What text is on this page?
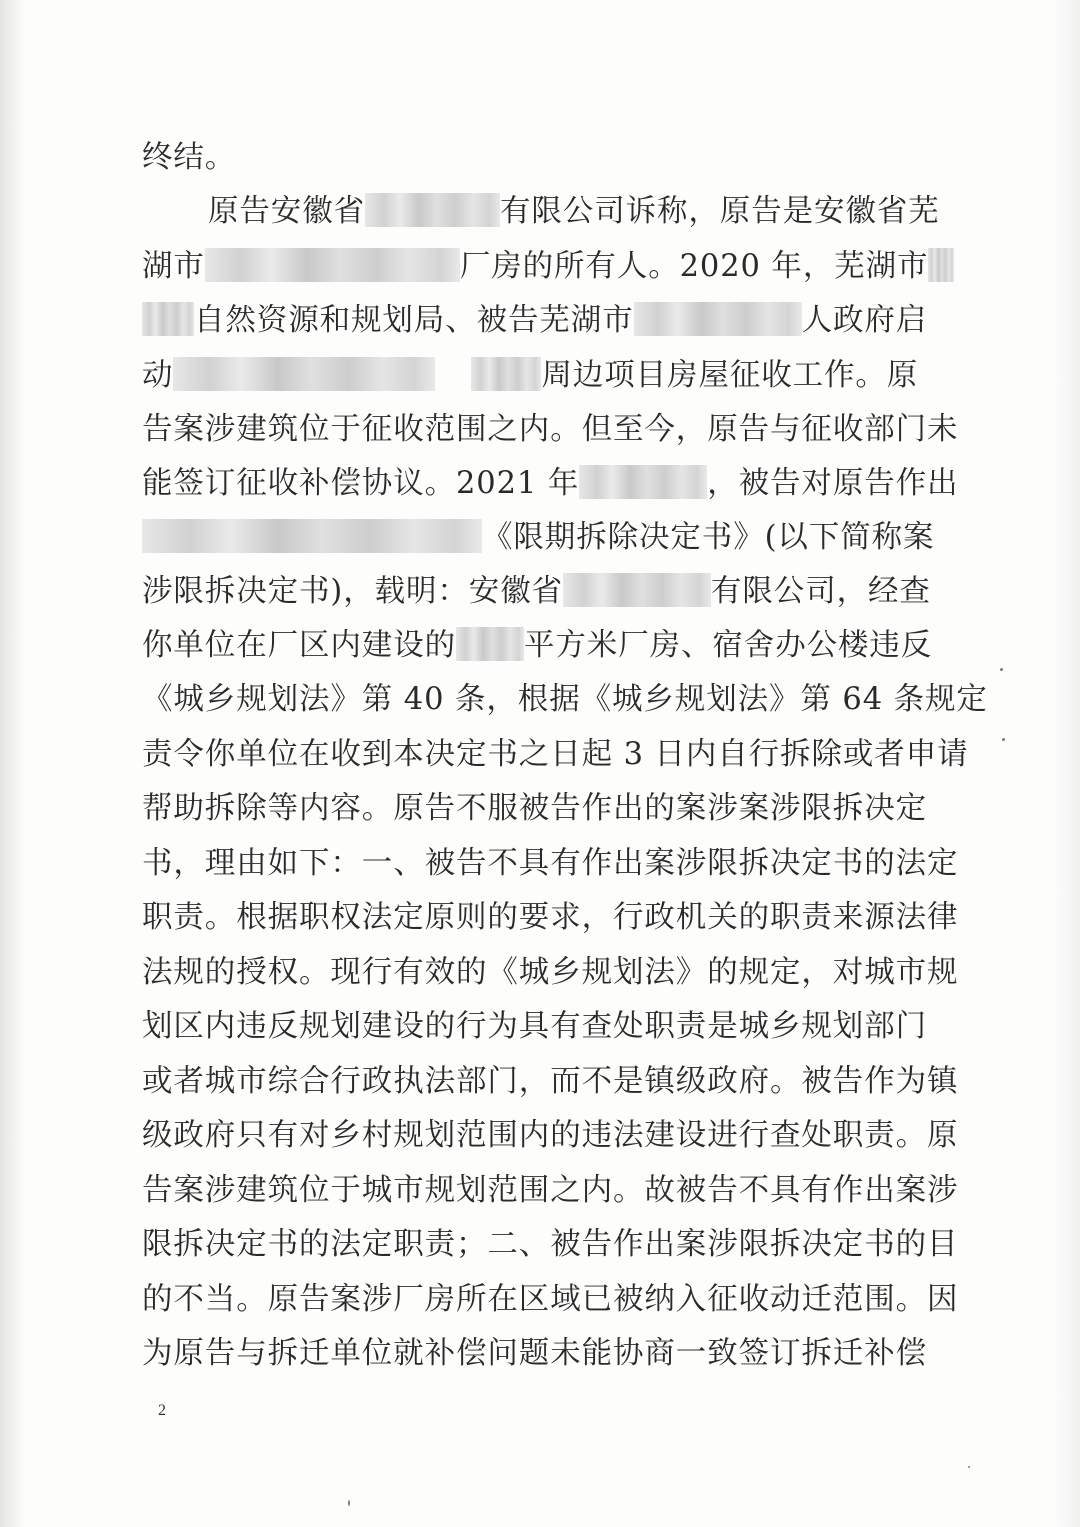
终结。
原告安徽省	有限公司诉称，原告是安徽省芜
湖市	厂房的所有人。2020 年，芜湖市
自然资源和规划局、被告芜湖市	人政府启
动	周边项目房屋征收工作。原
告案涉建筑位于征收范围之内。但至今，原告与征收部门未
能签订征收补偿协议。2021 年	，被告对原告作出
《限期拆除决定书》(以下简称案
涉限拆决定书)，载明：安徽省	有限公司，经查
你单位在厂区内建设的 平方米厂房、宿舍办公楼违反
《城乡规划法》第 40 条，根据《城乡规划法》第 64 条规定
责令你单位在收到本决定书之日起 3 日内自行拆除或者申请
帮助拆除等内容。原告不服被告作出的案涉案涉限拆决定
书，理由如下：一、被告不具有作出案涉限拆决定书的法定
职责。根据职权法定原则的要求，行政机关的职责来源法律
法规的授权。现行有效的《城乡规划法》的规定，对城市规
划区内违反规划建设的行为具有查处职责是城乡规划部门
或者城市综合行政执法部门，而不是镇级政府。被告作为镇
级政府只有对乡村规划范围内的违法建设进行查处职责。原
告案涉建筑位于城市规划范围之内。故被告不具有作出案涉
限拆决定书的法定职责；二、被告作出案涉限拆决定书的目
的不当。原告案涉厂房所在区域已被纳入征收动迁范围。因
为原告与拆迁单位就补偿问题未能协商一致签订拆迁补偿
2
